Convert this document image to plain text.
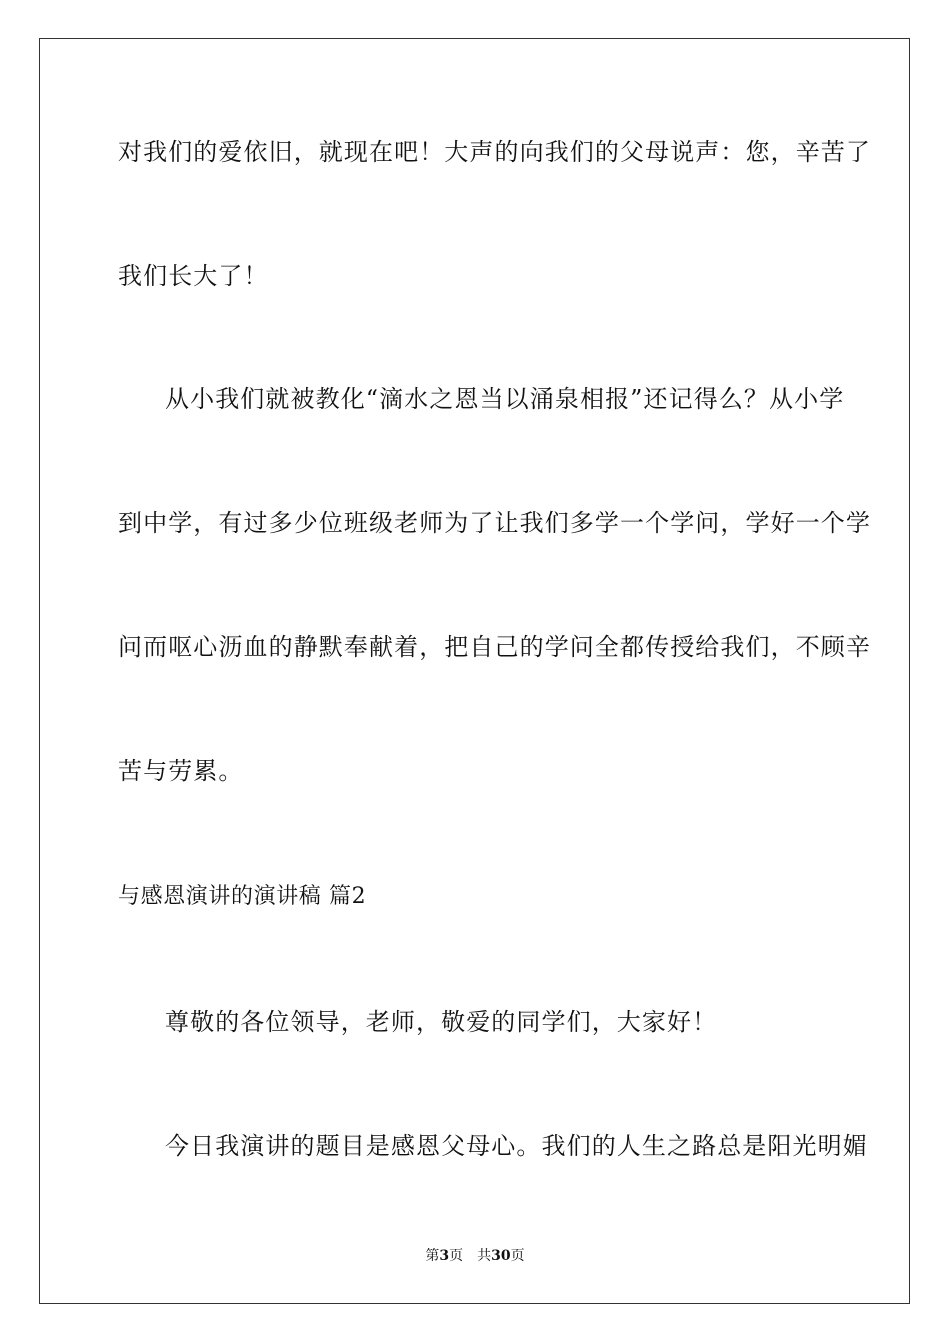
对我们的爱依旧，就现在吧！大声的向我们的父母说声：您，辛苦了
我们长大了！
从小我们就被教化“滴水之恩当以涌泉相报”还记得么？从小学
到中学，有过多少位班级老师为了让我们多学一个学问，学好一个学
问而呕心沥血的静默奉献着，把自己的学问全都传授给我们，不顾辛
苦与劳累。
与感恩演讲的演讲稿 篇2
尊敬的各位领导，老师，敬爱的同学们，大家好！
今日我演讲的题目是感恩父母心。我们的人生之路总是阳光明媚
第3页 共30页
